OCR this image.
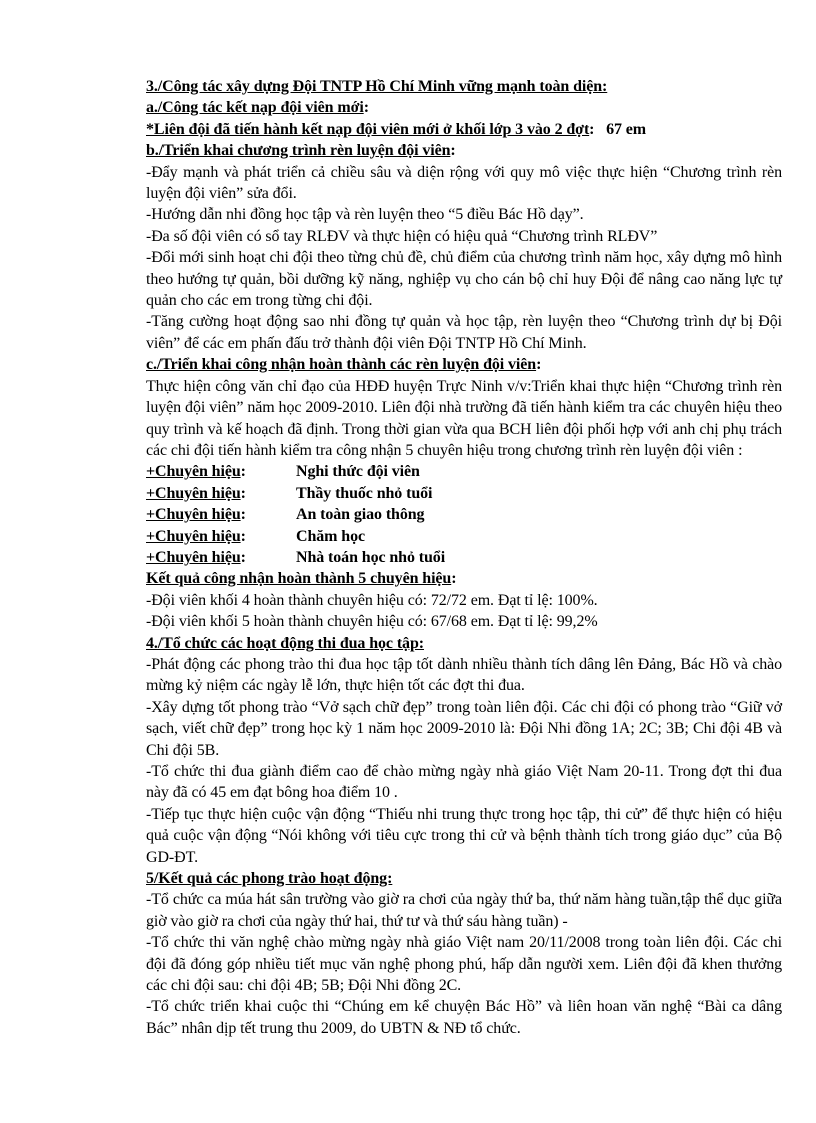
3./Công tác xây dựng Đội TNTP Hồ Chí Minh vững mạnh toàn diện:

a./Công tác kết nạp đội viên mới:

*Liên đội đã tiến hành kết nạp đội viên mới ở khối lớp 3 vào 2 đợt: 67 em

b./Triển khai chương trình rèn luyện đội viên:

-Đẩy mạnh và phát triển cả chiều sâu và diện rộng với quy mô việc thực hiện “Chương trình rèn luyện đội viên” sửa đổi.

-Hướng dẫn nhi đồng học tập và rèn luyện theo “5 điều Bác Hồ dạy”.

-Đa số đội viên có sổ tay RLĐV và thực hiện có hiệu quả “Chương trình RLĐV”

-Đổi mới sinh hoạt chi đội theo từng chủ đề, chủ điểm của chương trình năm học, xây dựng mô hình theo hướng tự quản, bồi dưỡng kỹ năng, nghiệp vụ cho cán bộ chỉ huy Đội để nâng cao năng lực tự quản cho các em trong từng chi đội.

-Tăng cường hoạt động sao nhi đồng tự quản và học tập, rèn luyện theo “Chương trình dự bị Đội viên” để các em phấn đấu trở thành đội viên Đội TNTP Hồ Chí Minh.

c./Triển khai công nhận hoàn thành các rèn luyện đội viên:

Thực hiện công văn chỉ đạo của HĐĐ huyện Trực Ninh v/v:Triển khai thực hiện “Chương trình rèn luyện đội viên” năm học 2009-2010. Liên đội nhà trường đã tiến hành kiểm tra các chuyên hiệu theo quy trình và kế hoạch đã định. Trong thời gian vừa qua BCH liên đội phối hợp với anh chị phụ trách các chi đội tiến hành kiểm tra công nhận 5 chuyên hiệu trong chương trình rèn luyện đội viên :

+Chuyên hiệu:	Nghi thức đội viên
+Chuyên hiệu:	Thầy thuốc nhỏ tuổi
+Chuyên hiệu:	An toàn giao thông
+Chuyên hiệu:	Chăm học
+Chuyên hiệu:	Nhà toán học nhỏ tuổi

Kết quả công nhận hoàn thành 5 chuyên hiệu:

-Đội viên khối 4 hoàn thành chuyên hiệu có: 72/72 em. Đạt tỉ lệ: 100%.

-Đội viên khối 5 hoàn thành chuyên hiệu có: 67/68 em. Đạt tỉ lệ: 99,2%

4./Tổ chức các hoạt động thi đua học tập:

-Phát động các phong trào thi đua học tập tốt dành nhiều thành tích dâng lên Đảng, Bác Hồ và chào mừng kỷ niệm các ngày lễ lớn, thực hiện tốt các đợt thi đua.

-Xây dựng tốt phong trào “Vở sạch chữ đẹp” trong toàn liên đội. Các chi đội có phong trào “Giữ vở sạch, viết chữ đẹp” trong học kỳ 1 năm học 2009-2010 là: Đội Nhi đồng 1A; 2C; 3B; Chi đội 4B và Chi đội 5B.

-Tổ chức thi đua giành điểm cao để chào mừng ngày nhà giáo Việt Nam 20-11. Trong đợt thi đua này đã có 45 em đạt bông hoa điểm 10 .

-Tiếp tục thực hiện cuộc vận động “Thiếu nhi trung thực trong học tập, thi cử” để thực hiện có hiệu quả cuộc vận động “Nói không với tiêu cực trong thi cử và bệnh thành tích trong giáo dục” của Bộ GD-ĐT.

5/Kết quả các phong trào hoạt động:

-Tổ chức ca múa hát sân trường vào giờ ra chơi của ngày thứ ba, thứ năm hàng tuần,tập thể dục giữa giờ vào giờ ra chơi của ngày thứ hai, thứ tư và thứ sáu hàng tuần) -

-Tổ chức thi văn nghệ chào mừng ngày nhà giáo Việt nam 20/11/2008 trong toàn liên đội. Các chi đội đã đóng góp nhiều tiết mục văn nghệ phong phú, hấp dẫn người xem. Liên đội đã khen thưởng các chi đội sau: chi đội 4B; 5B; Đội Nhi đồng 2C.

-Tổ chức triển khai cuộc thi “Chúng em kể chuyện Bác Hồ” và liên hoan văn nghệ “Bài ca dâng Bác” nhân dịp tết trung thu 2009, do UBTN & NĐ tổ chức.
